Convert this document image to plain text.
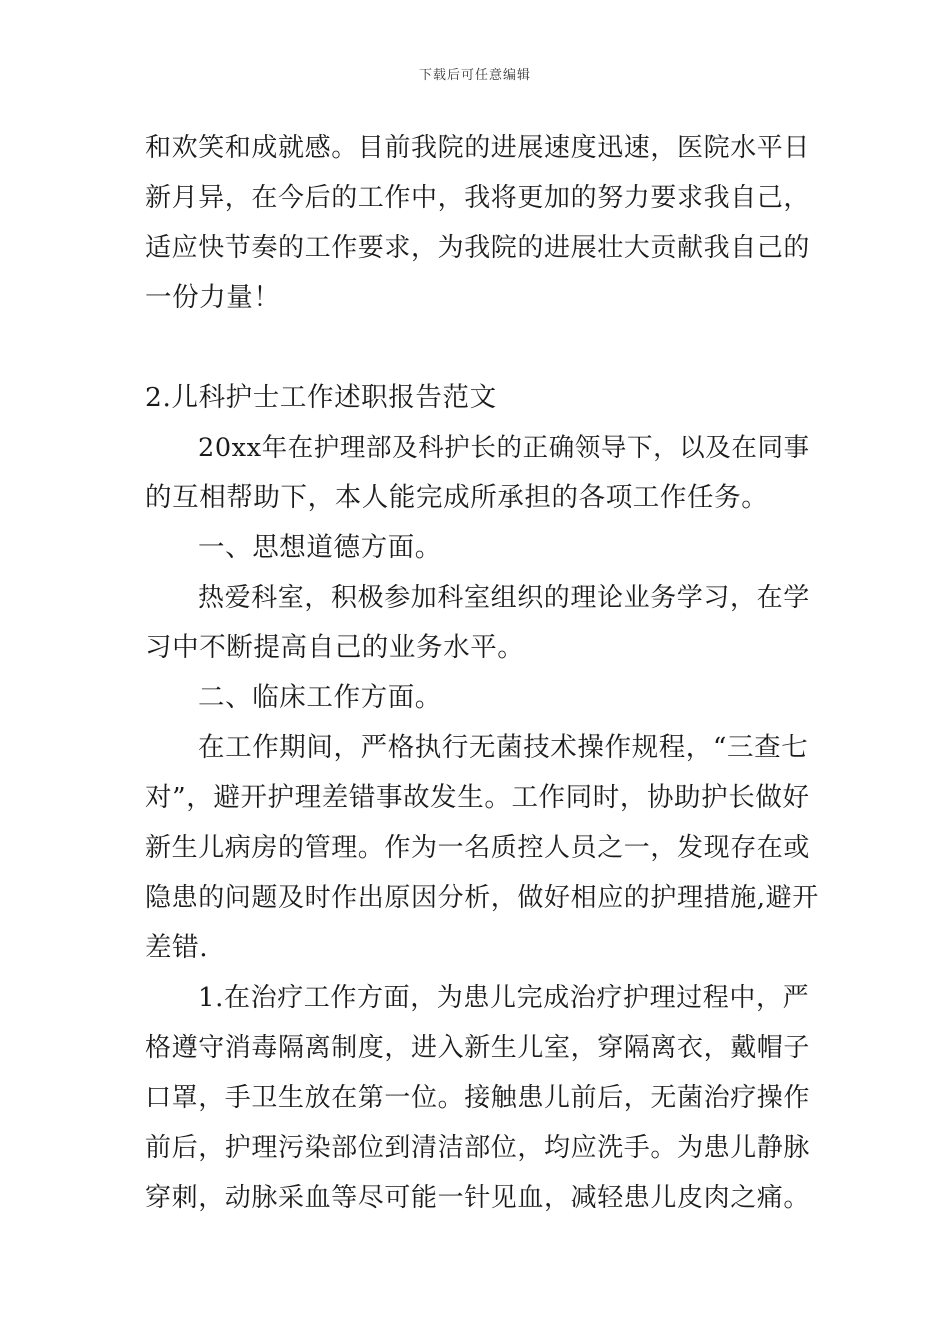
下载后可任意编辑
和欢笑和成就感。目前我院的进展速度迅速，医院水平日
新月异，在今后的工作中，我将更加的努力要求我自己，
适应快节奏的工作要求，为我院的进展壮大贡献我自己的
一份力量！
2.儿科护士工作述职报告范文
20xx年在护理部及科护长的正确领导下，以及在同事
的互相帮助下，本人能完成所承担的各项工作任务。
一、思想道德方面。
热爱科室，积极参加科室组织的理论业务学习，在学
习中不断提高自己的业务水平。
二、临床工作方面。
在工作期间，严格执行无菌技术操作规程，“三查七
对”，避开护理差错事故发生。工作同时，协助护长做好
新生儿病房的管理。作为一名质控人员之一，发现存在或
隐患的问题及时作出原因分析，做好相应的护理措施,避开
差错.
1.在治疗工作方面，为患儿完成治疗护理过程中，严
格遵守消毒隔离制度，进入新生儿室，穿隔离衣，戴帽子
口罩，手卫生放在第一位。接触患儿前后，无菌治疗操作
前后，护理污染部位到清洁部位，均应洗手。为患儿静脉
穿刺，动脉采血等尽可能一针见血，减轻患儿皮肉之痛。
